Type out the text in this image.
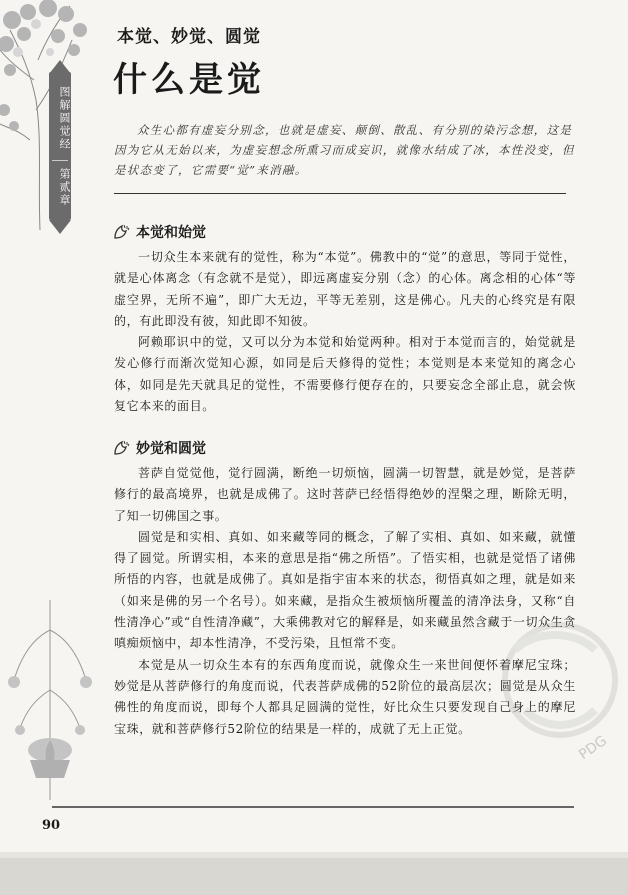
图解圆觉经
第贰章
本觉、妙觉、圆觉
什么是觉
众生心都有虚妄分别念，也就是虚妄、颠倒、散乱、有分别的染污念想，这是因为它从无始以来，为虚妄想念所熏习而成妄识，就像水结成了冰，本性没变，但是状态变了，它需要“觉”来消融。
本觉和始觉

一切众生本来就有的觉性，称为“本觉”。佛教中的“觉”的意思，等同于觉性，就是心体离念（有念就不是觉），即远离虚妄分别（念）的心体。离念相的心体“等虚空界，无所不遍”，即广大无边，平等无差别，这是佛心。凡夫的心终究是有限的，有此即没有彼，知此即不知彼。

阿赖耶识中的觉，又可以分为本觉和始觉两种。相对于本觉而言的，始觉就是发心修行而渐次觉知心源，如同是后天修得的觉性；本觉则是本来觉知的离念心体，如同是先天就具足的觉性，不需要修行便存在的，只要妄念全部止息，就会恢复它本来的面目。

妙觉和圆觉

菩萨自觉觉他，觉行圆满，断绝一切烦恼，圆满一切智慧，就是妙觉，是菩萨修行的最高境界，也就是成佛了。这时菩萨已经悟得绝妙的涅槃之理，断除无明，了知一切佛国之事。

圆觉是和实相、真如、如来藏等同的概念，了解了实相、真如、如来藏，就懂得了圆觉。所谓实相，本来的意思是指“佛之所悟”。了悟实相，也就是觉悟了诸佛所悟的内容，也就是成佛了。真如是指宇宙本来的状态，彻悟真如之理，就是如来（如来是佛的另一个名号）。如来藏，是指众生被烦恼所覆盖的清净法身，又称“自性清净心”或“自性清净藏”，大乘佛教对它的解释是，如来藏虽然含藏于一切众生贪嗔痴烦恼中，却本性清净，不受污染，且恒常不变。

本觉是从一切众生本有的东西角度而说，就像众生一来世间便怀着摩尼宝珠；妙觉是从菩萨修行的角度而说，代表菩萨成佛的52阶位的最高层次；圆觉是从众生佛性的角度而说，即每个人都具足圆满的觉性，好比众生只要发现自己身上的摩尼宝珠，就和菩萨修行52阶位的结果是一样的，成就了无上正觉。

PDG
90
